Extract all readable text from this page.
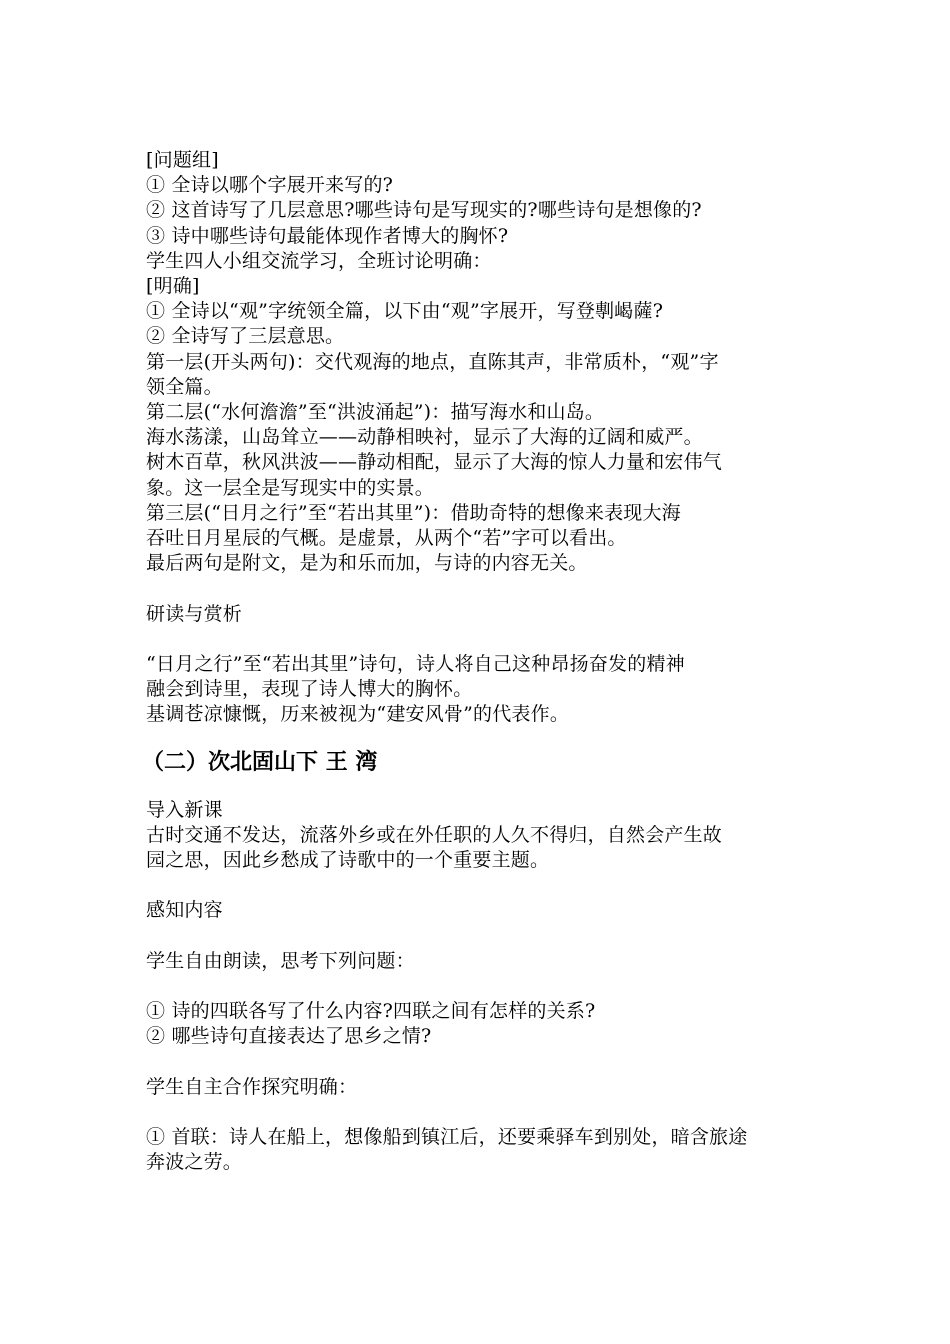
[问题组]
① 全诗以哪个字展开来写的?
② 这首诗写了几层意思?哪些诗句是写现实的?哪些诗句是想像的?
③ 诗中哪些诗句最能体现作者博大的胸怀?
学生四人小组交流学习，全班讨论明确：
[明确]
① 全诗以“观”字统领全篇，以下由“观”字展开，写登剸嵑薩?
② 全诗写了三层意思。
第一层(开头两句)：交代观海的地点，直陈其声，非常质朴，“观”字
领全篇。
第二层(“水何澹澹”至“洪波涌起”)：描写海水和山岛。
海水荡漾，山岛耸立——动静相映衬，显示了大海的辽阔和威严。
树木百草，秋风洪波——静动相配，显示了大海的惊人力量和宏伟气
象。这一层全是写现实中的实景。
第三层(“日月之行”至“若出其里”)：借助奇特的想像来表现大海
吞吐日月星辰的气概。是虚景，从两个“若”字可以看出。
最后两句是附文，是为和乐而加，与诗的内容无关。
研读与赏析
“日月之行”至“若出其里”诗句，诗人将自己这种昂扬奋发的精神
融会到诗里，表现了诗人博大的胸怀。
基调苍凉慷慨，历来被视为“建安风骨”的代表作。
（二）次北固山下 王 湾
导入新课
古时交通不发达，流落外乡或在外任职的人久不得归，自然会产生故
园之思，因此乡愁成了诗歌中的一个重要主题。
感知内容
学生自由朗读，思考下列问题：
① 诗的四联各写了什么内容?四联之间有怎样的关系?
② 哪些诗句直接表达了思乡之情?
学生自主合作探究明确：
① 首联：诗人在船上，想像船到镇江后，还要乘驿车到别处，暗含旅途
奔波之劳。
